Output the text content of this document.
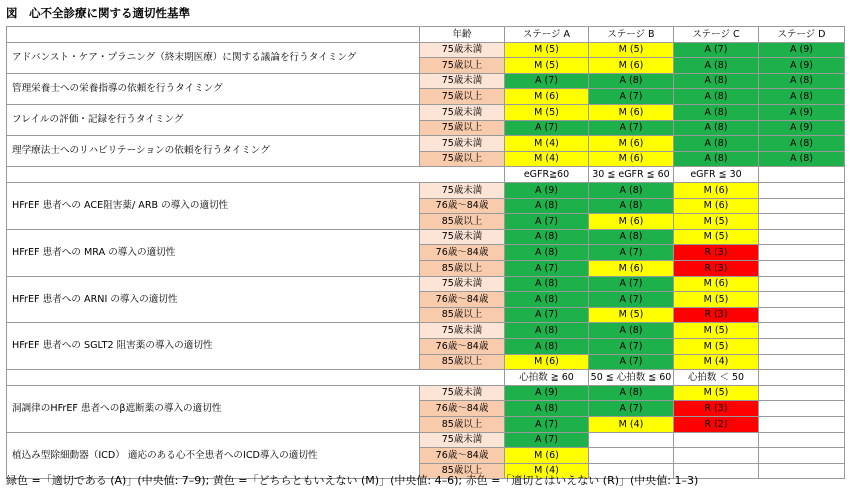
図　心不全診療に関する適切性基準
年齢	ステージ A	ステージ B	ステージ C	ステージ D
アドバンスト・ケア・プラニング（終末期医療）に関する議論を行うタイミング
75歳未満	M (5)	M (5)	A (7)	A (9)
75歳以上	M (5)	M (6)	A (8)	A (9)
管理栄養士への栄養指導の依頼を行うタイミング
75歳未満	A (7)	A (8)	A (8)	A (8)
75歳以上	M (6)	A (7)	A (8)	A (8)
フレイルの評価・記録を行うタイミング
75歳未満	M (5)	M (6)	A (8)	A (9)
75歳以上	A (7)	A (7)	A (8)	A (9)
理学療法士へのリハビリテーションの依頼を行うタイミング
75歳未満	M (4)	M (6)	A (8)	A (8)
75歳以上	M (4)	M (6)	A (8)	A (8)
eGFR≧60	30 ≦ eGFR ≦ 60	eGFR ≦ 30
HFrEF 患者への ACE阻害薬/ ARB の導入の適切性
75歳未満	A (9)	A (8)	M (6)
76歳～84歳	A (8)	A (8)	M (6)
85歳以上	A (7)	M (6)	M (5)
HFrEF 患者への MRA の導入の適切性
75歳未満	A (8)	A (8)	M (5)
76歳～84歳	A (8)	A (7)	R (3)
85歳以上	A (7)	M (6)	R (3)
HFrEF 患者への ARNI の導入の適切性
75歳未満	A (8)	A (7)	M (6)
76歳～84歳	A (8)	A (7)	M (5)
85歳以上	A (7)	M (5)	R (3)
HFrEF 患者への SGLT2 阻害薬の導入の適切性
75歳未満	A (8)	A (8)	M (5)
76歳～84歳	A (8)	A (7)	M (5)
85歳以上	M (6)	A (7)	M (4)
心拍数 ≧ 60	50 ≦ 心拍数 ≦ 60	心拍数 ＜ 50
洞調律のHFrEF 患者へのβ遮断薬の導入の適切性
75歳未満	A (9)	A (8)	M (5)
76歳～84歳	A (8)	A (7)	R (3)
85歳以上	A (7)	M (4)	R (2)
植込み型除細動器（ICD） 適応のある心不全患者へのICD導入の適切性
75歳未満	A (7)
76歳～84歳	M (6)
85歳以上	M (4)
緑色 =「適切である (A)」(中央値: 7–9); 黄色 =「どちらともいえない (M)」(中央値: 4–6); 赤色 =「適切とはいえない (R)」(中央値: 1–3)
